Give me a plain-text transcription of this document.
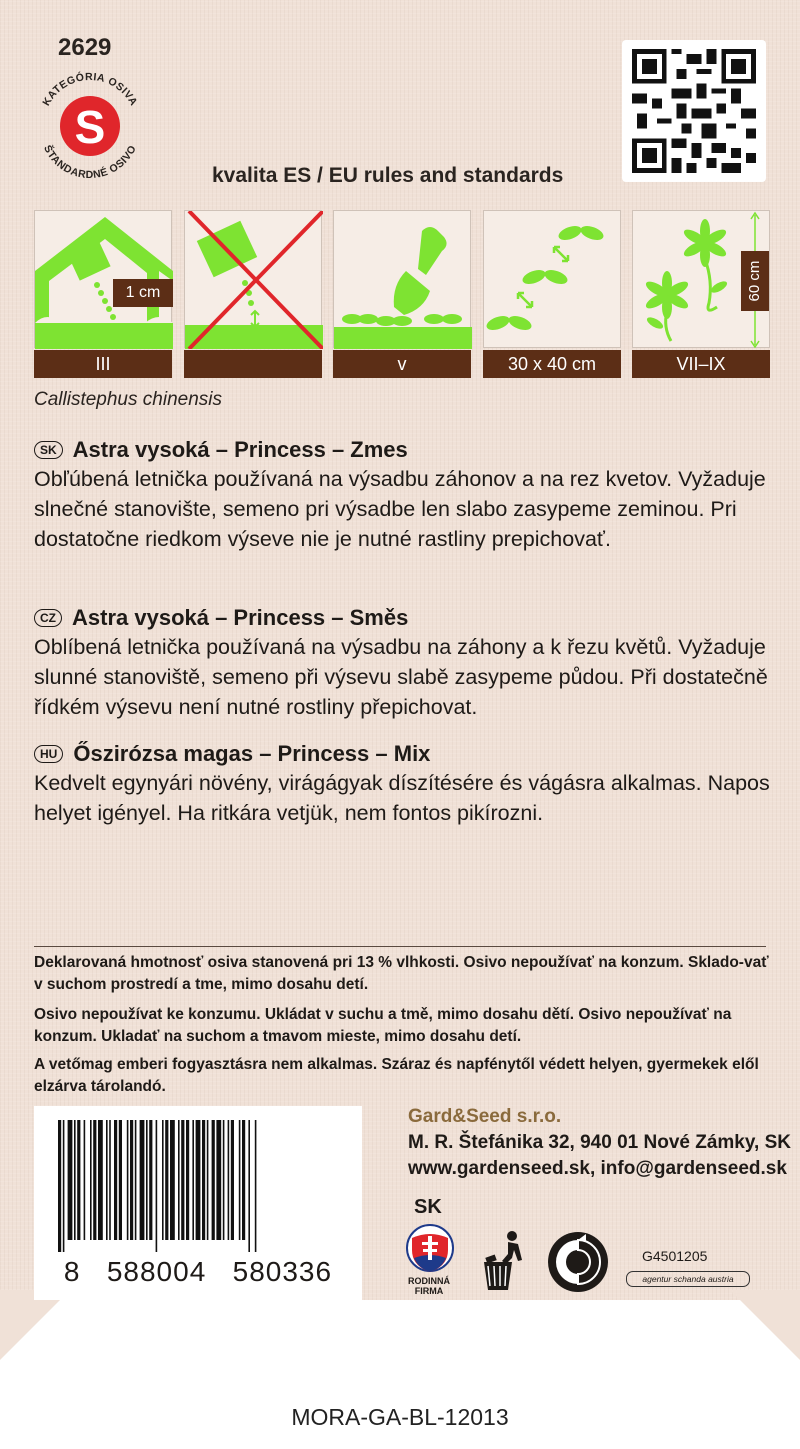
2629
KATEGÓRIA OSIVA
ŠTANDARDNÉ OSIVO
S
kvalita ES / EU rules and standards
1 cm
III	v	30 x 40 cm
60 cm
VII–IX
Callistephus chinensis
SK Astra vysoká – Princess – Zmes
Obľúbená letnička používaná na výsadbu záhonov a na rez kvetov. Vyžaduje slnečné stanovište, semeno pri výsadbe len slabo zasypeme zeminou. Pri dostatočne riedkom výseve nie je nutné rastliny prepichovať.
CZ Astra vysoká – Princess – Směs
Oblíbená letnička používaná na výsadbu na záhony a k řezu květů. Vyžaduje slunné stanoviště, semeno při výsevu slabě zasypeme půdou. Při dostatečně řídkém výsevu není nutné rostliny přepichovat.
HU Őszirózsa magas – Princess – Mix
Kedvelt egynyári növény, virágágyak díszítésére és vágásra alkalmas. Napos helyet igényel. Ha ritkára vetjük, nem fontos pikírozni.
Deklarovaná hmotnosť osiva stanovená pri 13 % vlhkosti. Osivo nepoužívať na konzum. Sklado-vať v suchom prostredí a tme, mimo dosahu detí.
Osivo nepoužívat ke konzumu. Ukládat v suchu a tmě, mimo dosahu dětí. Osivo nepoužívať na konzum. Ukladať na suchom a tmavom mieste, mimo dosahu detí.
A vetőmag emberi fogyasztásra nem alkalmas. Száraz és napfénytől védett helyen, gyermekek elől elzárva tárolandó.
8 588004 580336
Gard&Seed s.r.o.
M. R. Štefánika 32, 940 01 Nové Zámky, SK
www.gardenseed.sk, info@gardenseed.sk
SK
RODINNÁ FIRMA
G4501205
agentur schanda austria
MORA-GA-BL-12013
